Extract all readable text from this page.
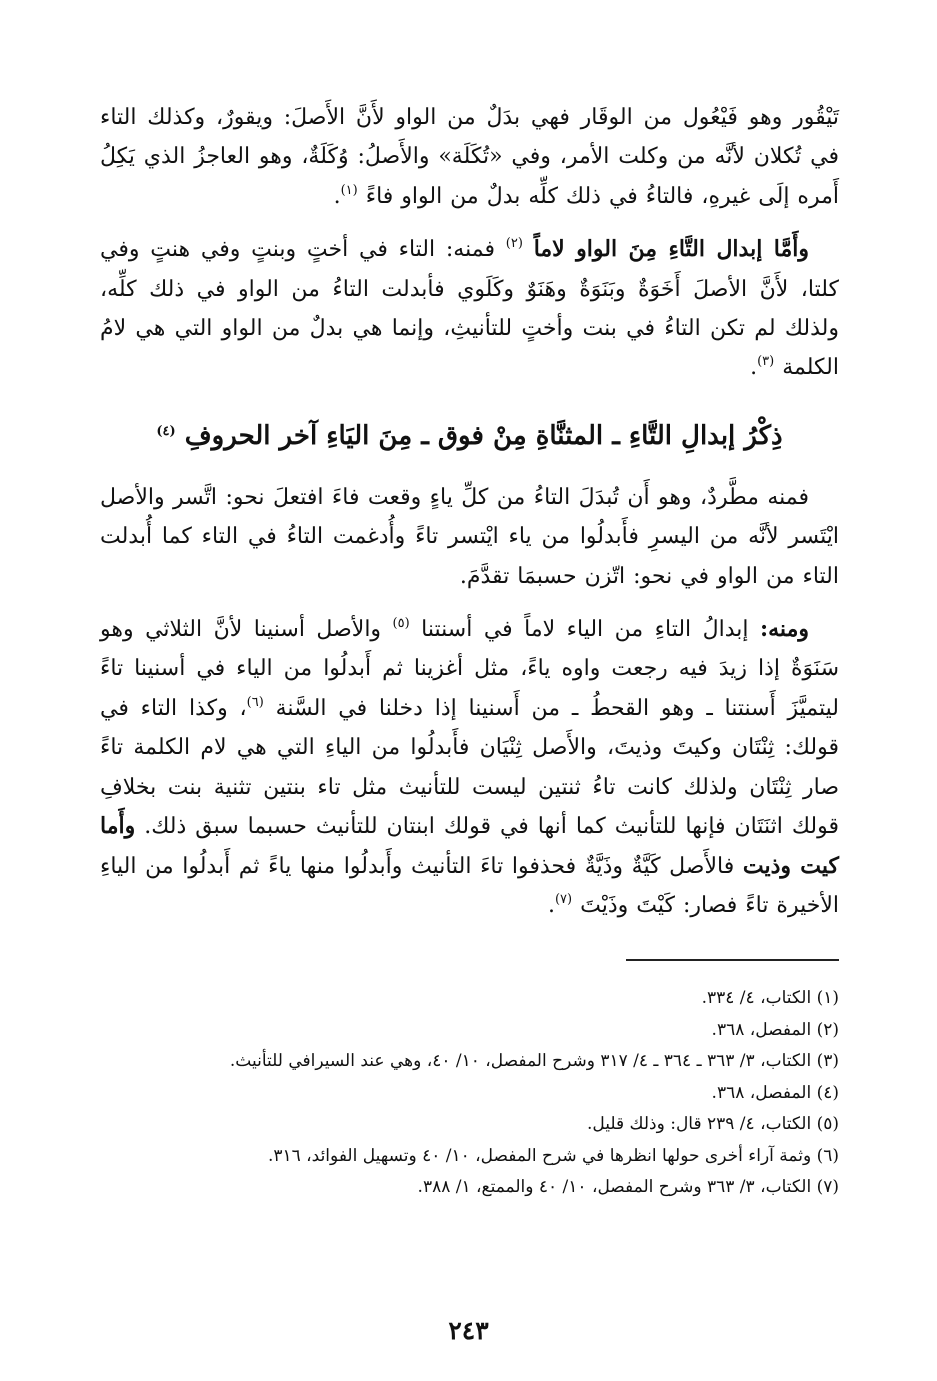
تَيْقُور وهو فَيْعُول من الوقَار فهي بدَلٌ من الواو لأَنَّ الأَصلَ: ويقورٌ، وكذلك التاء في تُكلان لأنَّه من وكلت الأمر، وفي «تُكَلَة» والأَصلُ: وُكَلَةٌ، وهو العاجزُ الذي يَكِلُ أَمره إلَى غيرهِ، فالتاءُ في ذلك كلِّه بدلٌ من الواو فاءً $^{(١)}$.

وأَمَّا إبدال التَّاءِ مِنَ الواو لاماً $^{(٢)}$ فمنه: التاء في أختٍ وبنتٍ وفي هنتٍ وفي كلتا، لأَنَّ الأصلَ أَخَوَةٌ وبَنَوَةٌ وهَنَوٌ وكَلَوي فأبدلت التاءُ من الواو في ذلك كلِّه، ولذلك لم تكن التاءُ في بنت وأختٍ للتأنيثِ، وإنما هي بدلٌ من الواو التي هي لامُ الكلمة $^{(٣)}$.

ذِكْرُ إبدالِ التَّاءِ ـ المثنَّاةِ مِنْ فوق ـ مِنَ اليَاءِ آخر الحروفِ $^{(٤)}$

فمنه مطَّردٌ، وهو أَن تُبدَلَ التاءُ من كلِّ ياءٍ وقعت فاءَ افتعلَ نحو: اتَّسر والأصل ايْتَسر لأنَّه من اليسرِ فأَبدلُوا من ياء ايْتسر تاءً وأُدغمت التاءُ في التاء كما أُبدلت التاء من الواو في نحو: اتّزن حسبمَا تقدَّمَ.

ومنه: إبدالُ التاءِ من الياء لاماً في أسنتنا $^{(٥)}$ والأصل أسنينا لأنَّ الثلاثي وهو سَنَوَةٌ إذا زيدَ فيه رجعت واوه ياءً، مثل أغزينا ثم أَبدلُوا من الياء في أسنينا تاءً ليتميَّزَ أَسنتنا ـ وهو القحطُ ـ من أَسنينا إذا دخلنا في السَّنة $^{(٦)}$، وكذا التاء في قولك: ثِنْتَان وكيتَ وذيتَ، والأَصل ثِنْيَان فأَبدلُوا من الياءِ التي هي لام الكلمة تاءً صار ثِنْتَان ولذلك كانت تاءُ ثنتين ليست للتأنيث مثل تاء بنتين تثنية بنت بخلافِ قولك اثنَتَان فإنها للتأنيث كما أنها في قولك ابنتان للتأنيث حسبما سبق ذلك. وأَما كيت وذيت فالأَصل كَيَّةٌ وذَيَّةٌ فحذفوا تاءَ التأنيث وأَبدلُوا منها ياءً ثم أَبدلُوا من الياءِ الأخيرة تاءً فصار: كَيْتَ وذَيْتَ $^{(٧)}$.

(١) الكتاب، ٤/ ٣٣٤.
(٢) المفصل، ٣٦٨.
(٣) الكتاب، ٣/ ٣٦٣ ـ ٣٦٤ ـ ٤/ ٣١٧ وشرح المفصل، ١٠/ ٤٠، وهي عند السيرافي للتأنيث.
(٤) المفصل، ٣٦٨.
(٥) الكتاب، ٤/ ٢٣٩ قال: وذلك قليل.
(٦) وثمة آراء أخرى حولها انظرها في شرح المفصل، ١٠/ ٤٠ وتسهيل الفوائد، ٣١٦.
(٧) الكتاب، ٣/ ٣٦٣ وشرح المفصل، ١٠/ ٤٠ والممتع، ١/ ٣٨٨.
٢٤٣
